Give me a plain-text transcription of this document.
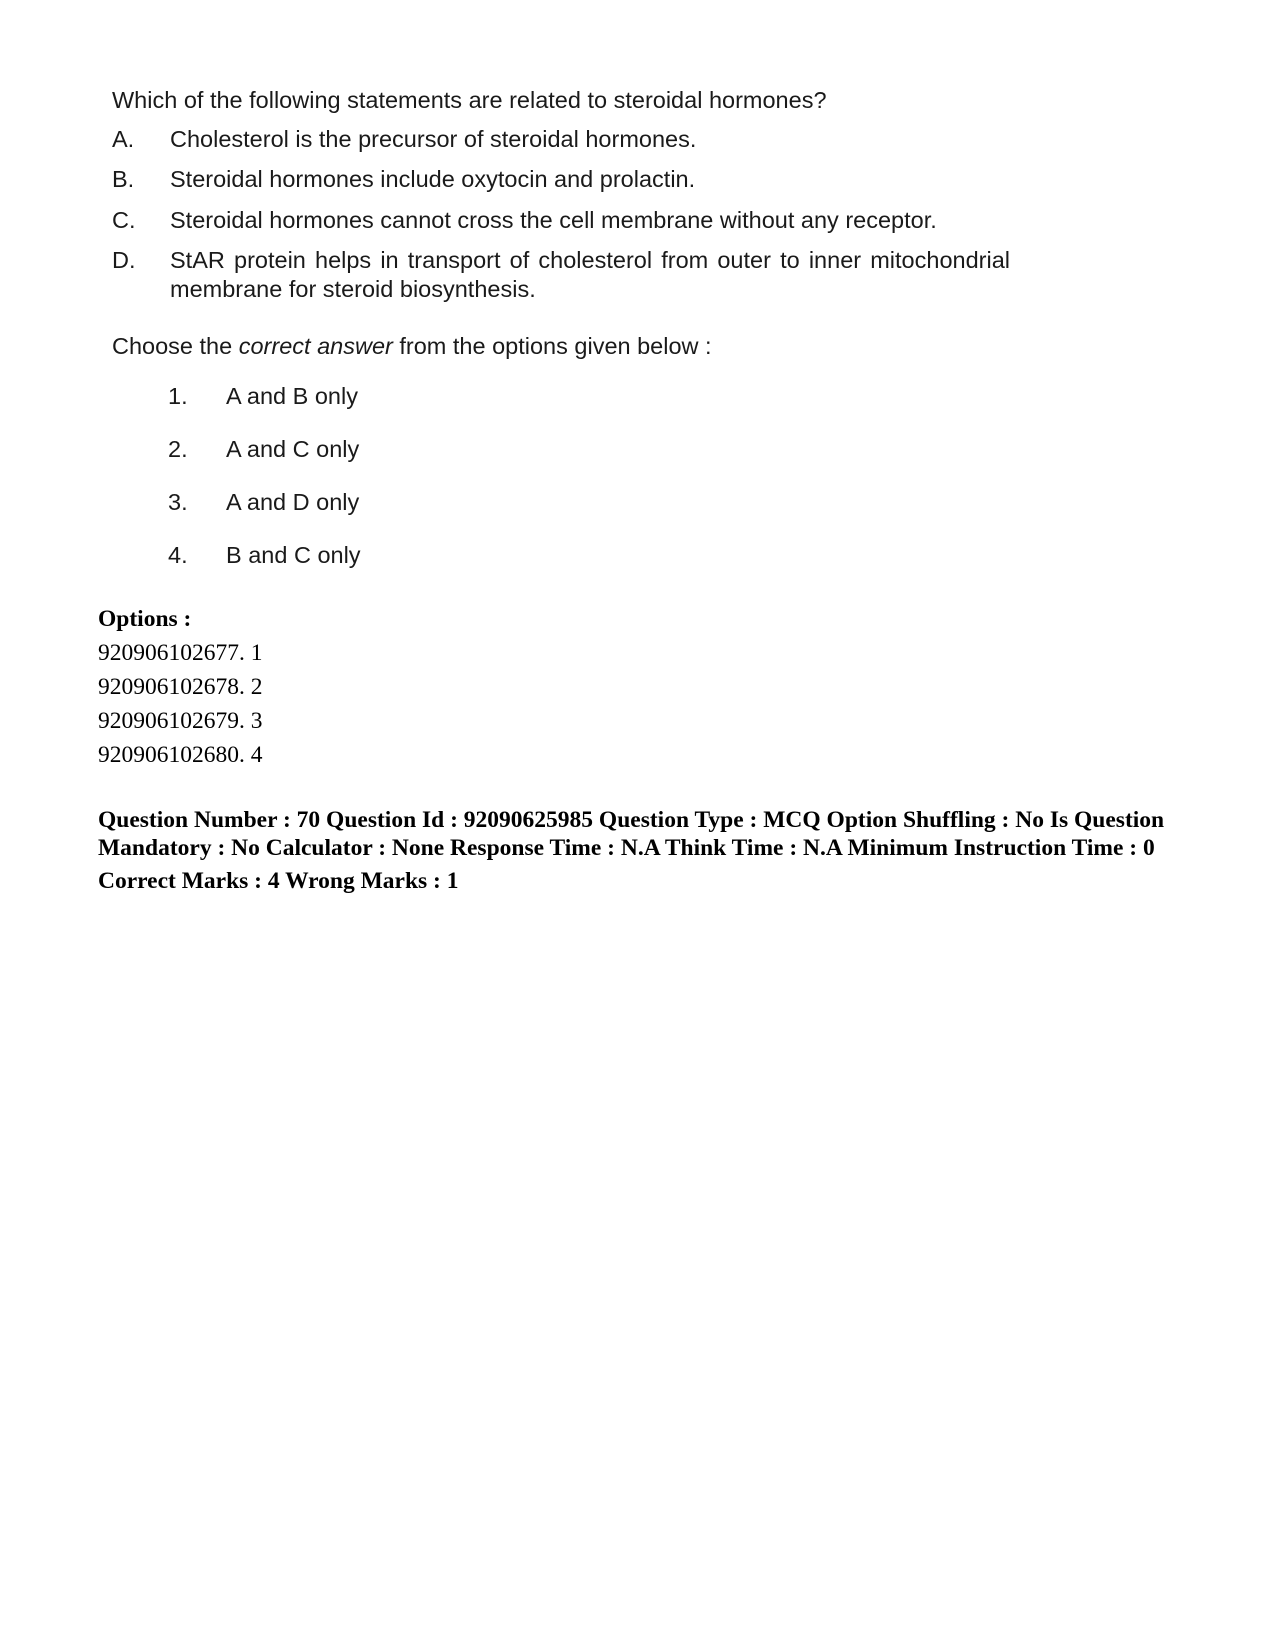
Which of the following statements are related to steroidal hormones?

A.	Cholesterol is the precursor of steroidal hormones.
B.	Steroidal hormones include oxytocin and prolactin.
C.	Steroidal hormones cannot cross the cell membrane without any receptor.
D.	StAR protein helps in transport of cholesterol from outer to inner mitochondrial membrane for steroid biosynthesis.

Choose the correct answer from the options given below :

1.	A and B only
2.	A and C only
3.	A and D only
4.	B and C only
Options :
920906102677. 1
920906102678. 2
920906102679. 3
920906102680. 4
Question Number : 70 Question Id : 92090625985 Question Type : MCQ Option Shuffling : No Is Question Mandatory : No Calculator : None Response Time : N.A Think Time : N.A Minimum Instruction Time : 0
Correct Marks : 4 Wrong Marks : 1
